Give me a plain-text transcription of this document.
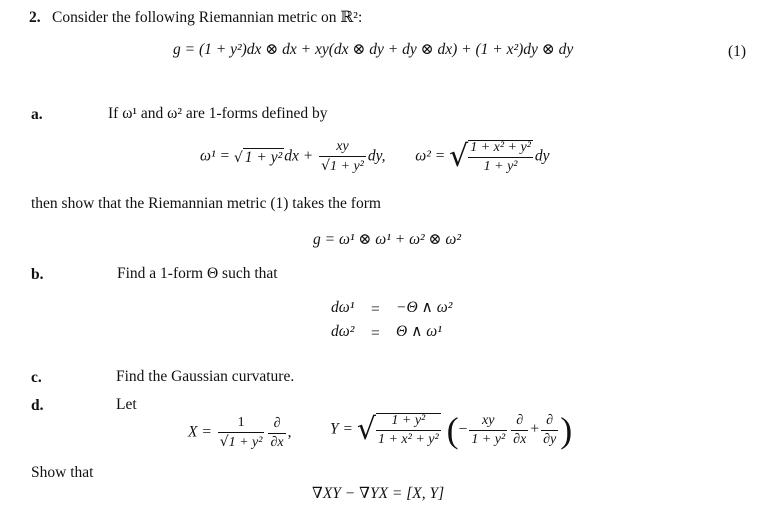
2. Consider the following Riemannian metric on ℝ²:
g = (1 + y²)dx ⊗ dx + xy(dx ⊗ dy + dy ⊗ dx) + (1 + x²)dy ⊗ dy	(1)
a.	If ω¹ and ω² are 1-forms defined by
ω¹ = √ 1 + y² dx + $\frac{xy}{\text{√1 + y²}}$ dy, ω² = √ $\frac{\text{1 + x² + y²}}{\text{1 + y²}}$ dy
then show that the Riemannian metric (1) takes the form
g = ω¹ ⊗ ω¹ + ω² ⊗ ω²
b.	Find a 1-form Θ such that
dω¹ = −Θ ∧ ω²
dω² = Θ ∧ ω¹
c.	Find the Gaussian curvature.
d.	Let
$X = \frac{1}{\text{√1 + y²}} \frac{\partial}{\partial x}$ , Y = √ $\frac{\text{1 + y²}}{\text{1 + x² + y²}}$ (− $\frac{xy}{\text{1 + y²}} \frac{\partial}{\partial x} + \frac{\partial}{\partial y}$ )
Show that
∇XY − ∇YX = [X, Y]
